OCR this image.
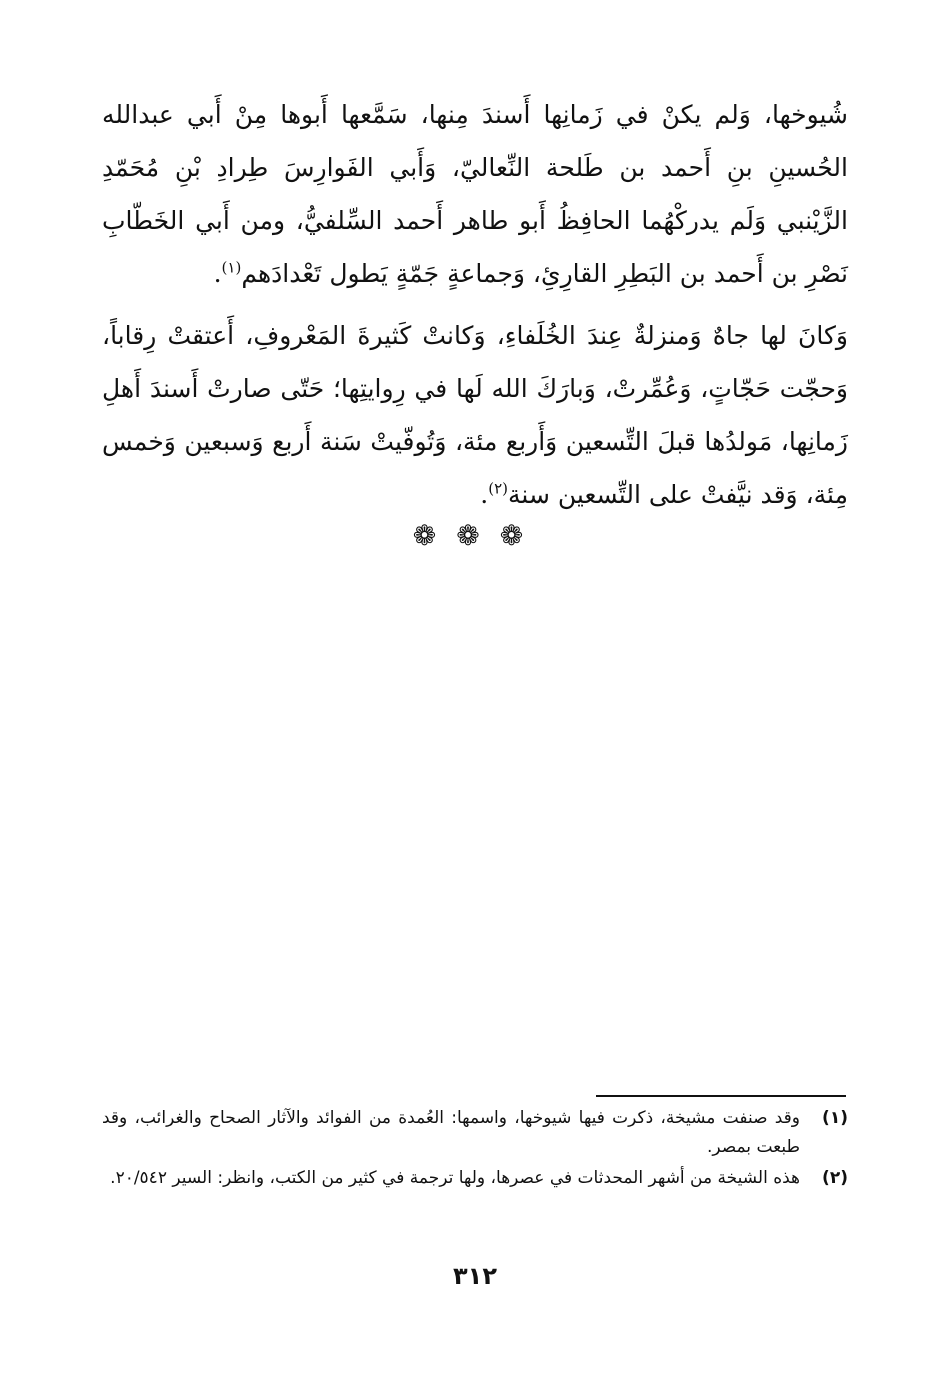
شُيوخها، وَلم يكنْ في زَمانِها أَسندَ مِنها، سَمَّعها أَبوها مِنْ أَبي عبدالله الحُسينِ بنِ أَحمد بن طَلحة النِّعاليّ، وَأَبي الفَوارِسَ طِرادِ بْنِ مُحَمّدِ الزَّيْنبي وَلَم يدركْهُما الحافِظُ أَبو طاهر أَحمد السِّلفيُّ، ومن أَبي الخَطّابِ نَصْرِ بن أَحمد بن البَطِرِ القارِئِ، وَجماعةٍ جَمّةٍ يَطول تَعْدادَهم$^{(١)}$.

وَكانَ لها جاهٌ وَمنزلةٌ عِندَ الخُلَفاءِ، وَكانتْ كَثيرةَ المَعْروفِ، أَعتقتْ رِقاباً، وَحجّت حَجّاتٍ، وَعُمِّرتْ، وَبارَكَ الله لَها في رِوايتِها؛ حَتّى صارتْ أَسندَ أَهلِ زَمانِها، مَولدُها قبلَ التِّسعين وَأَربع مئة، وَتُوفّيتْ سَنة أَربع وَسبعين وَخمس مِئة، وَقد نيَّفتْ على التِّسعين سنة$^{(٢)}$.

❁ ❁ ❁

(١)
وقد صنفت مشيخة، ذكرت فيها شيوخها، واسمها: العُمدة من الفوائد والآثار الصحاح والغرائب، وقد طبعت بمصر.

(٢)
هذه الشيخة من أشهر المحدثات في عصرها، ولها ترجمة في كثير من الكتب، وانظر: السير ٢٠/٥٤٢.

٣١٢
